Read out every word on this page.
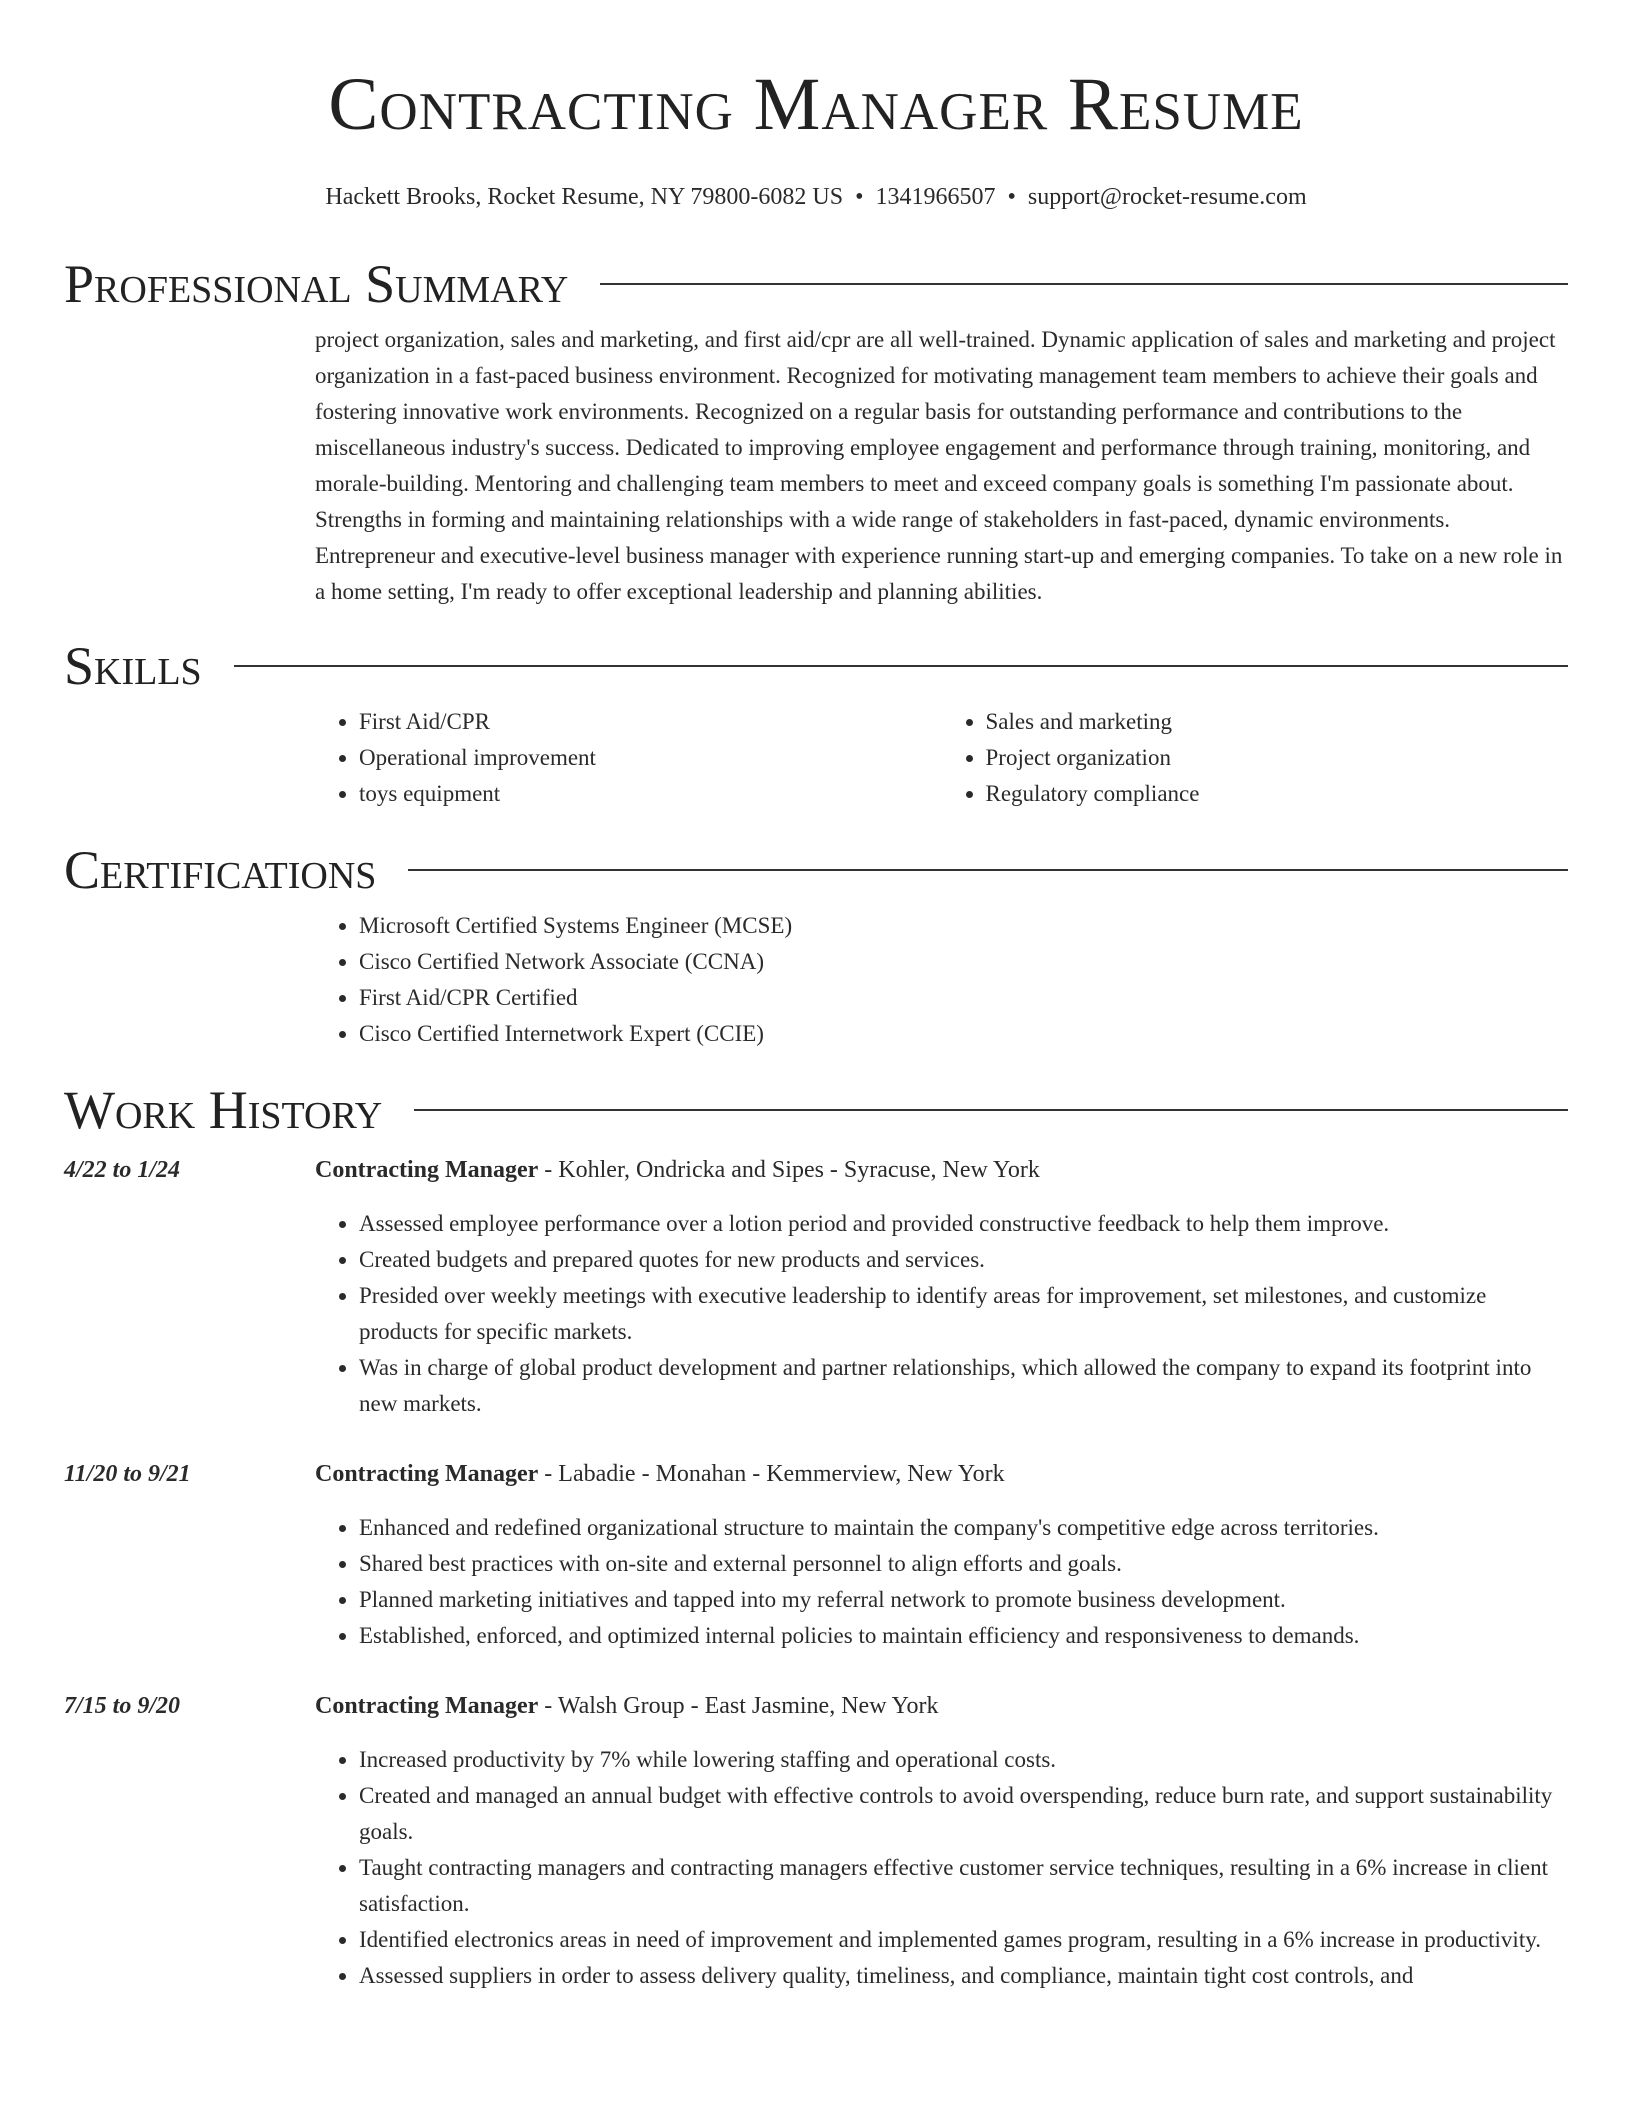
Contracting Manager Resume
Hackett Brooks, Rocket Resume, NY 79800-6082 US • 1341966507 • support@rocket-resume.com
Professional Summary

project organization, sales and marketing, and first aid/cpr are all well-trained. Dynamic application of sales and marketing and project organization in a fast-paced business environment. Recognized for motivating management team members to achieve their goals and fostering innovative work environments. Recognized on a regular basis for outstanding performance and contributions to the miscellaneous industry's success. Dedicated to improving employee engagement and performance through training, monitoring, and morale-building. Mentoring and challenging team members to meet and exceed company goals is something I'm passionate about. Strengths in forming and maintaining relationships with a wide range of stakeholders in fast-paced, dynamic environments. Entrepreneur and executive-level business manager with experience running start-up and emerging companies. To take on a new role in a home setting, I'm ready to offer exceptional leadership and planning abilities.

Skills
• First Aid/CPR
• Operational improvement
• toys equipment
• Sales and marketing
• Project organization
• Regulatory compliance
Certifications
• Microsoft Certified Systems Engineer (MCSE)
• Cisco Certified Network Associate (CCNA)
• First Aid/CPR Certified
• Cisco Certified Internetwork Expert (CCIE)
Work History
4/22 to 1/24	Contracting Manager - Kohler, Ondricka and Sipes - Syracuse, New York
• Assessed employee performance over a lotion period and provided constructive feedback to help them improve.
• Created budgets and prepared quotes for new products and services.
• Presided over weekly meetings with executive leadership to identify areas for improvement, set milestones, and customize products for specific markets.
• Was in charge of global product development and partner relationships, which allowed the company to expand its footprint into new markets.
11/20 to 9/21	Contracting Manager - Labadie - Monahan - Kemmerview, New York
• Enhanced and redefined organizational structure to maintain the company's competitive edge across territories.
• Shared best practices with on-site and external personnel to align efforts and goals.
• Planned marketing initiatives and tapped into my referral network to promote business development.
• Established, enforced, and optimized internal policies to maintain efficiency and responsiveness to demands.
7/15 to 9/20	Contracting Manager - Walsh Group - East Jasmine, New York
• Increased productivity by 7% while lowering staffing and operational costs.
• Created and managed an annual budget with effective controls to avoid overspending, reduce burn rate, and support sustainability goals.
• Taught contracting managers and contracting managers effective customer service techniques, resulting in a 6% increase in client satisfaction.
• Identified electronics areas in need of improvement and implemented games program, resulting in a 6% increase in productivity.
• Assessed suppliers in order to assess delivery quality, timeliness, and compliance, maintain tight cost controls, and
